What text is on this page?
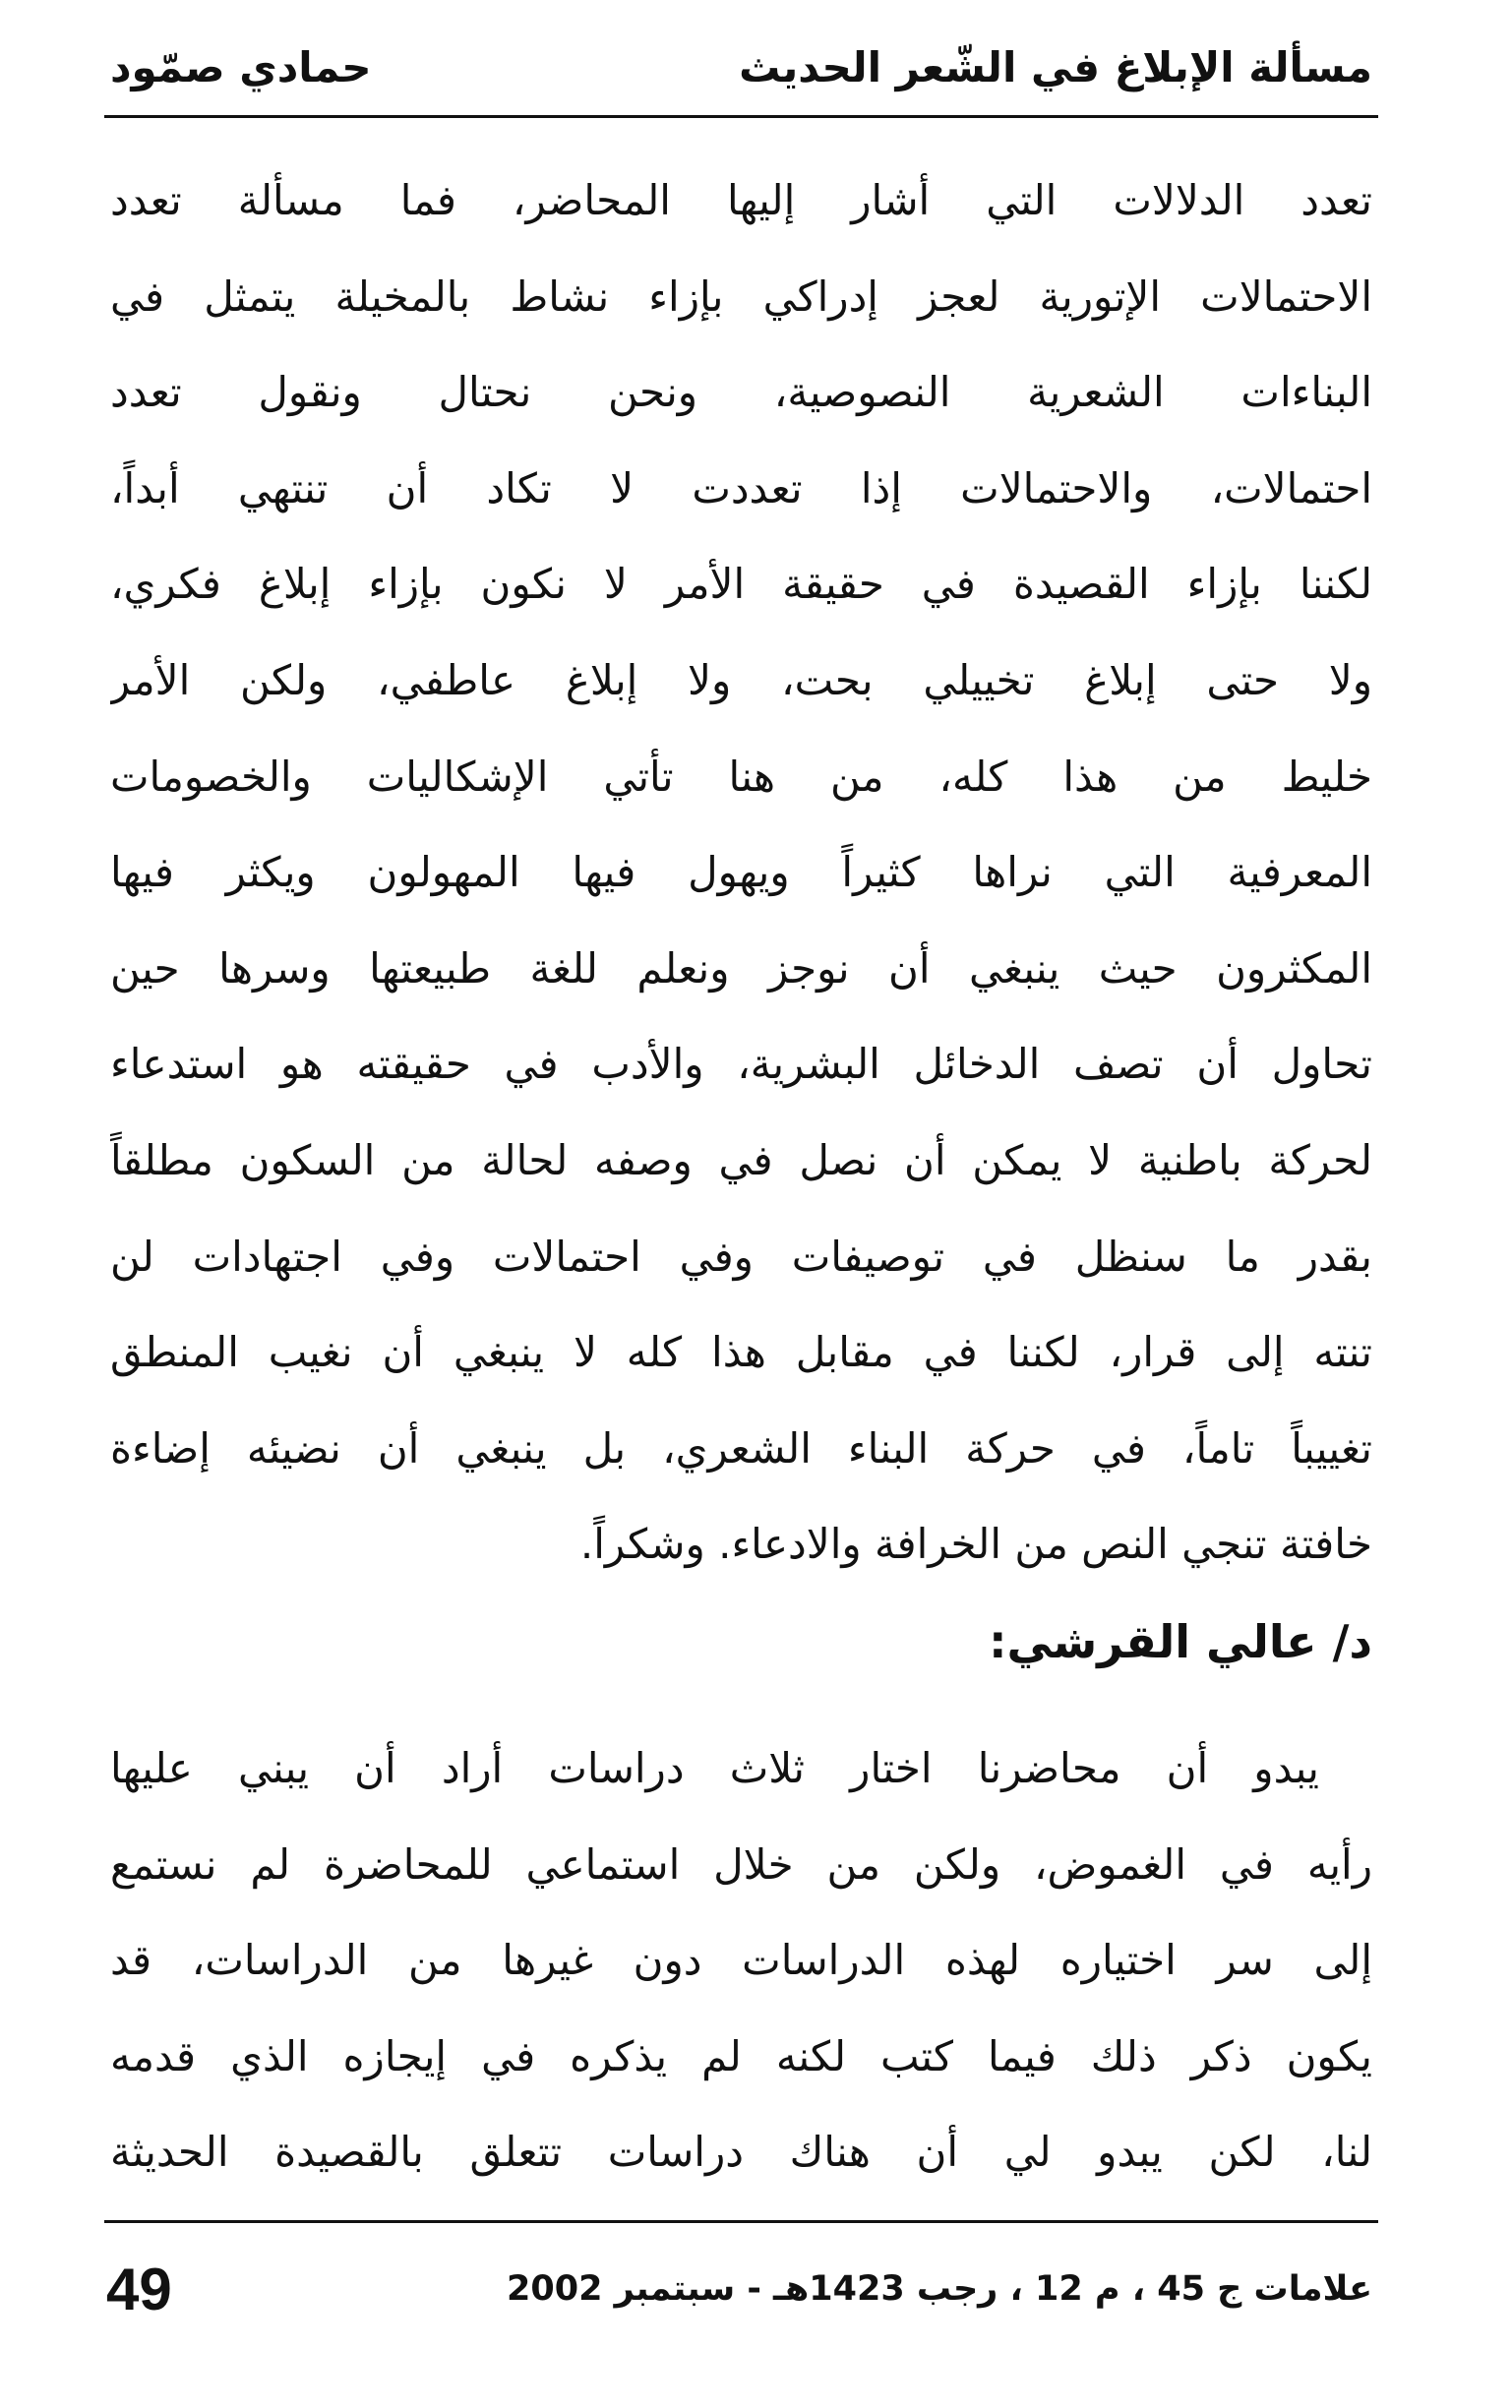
مسألة الإبلاغ في الشّعر الحديث
حمادي صمّود
تعدد الدلالات التي أشار إليها المحاضر، فما مسألة تعدد
الاحتمالات الإتورية لعجز إدراكي بإزاء نشاط بالمخيلة يتمثل في
البناءات الشعرية النصوصية، ونحن نحتال ونقول تعدد
احتمالات، والاحتمالات إذا تعددت لا تكاد أن تنتهي أبداً،
لكننا بإزاء القصيدة في حقيقة الأمر لا نكون بإزاء إبلاغ فكري،
ولا حتى إبلاغ تخييلي بحت، ولا إبلاغ عاطفي، ولكن الأمر
خليط من هذا كله، من هنا تأتي الإشكاليات والخصومات
المعرفية التي نراها كثيراً ويهول فيها المهولون ويكثر فيها
المكثرون حيث ينبغي أن نوجز ونعلم للغة طبيعتها وسرها حين
تحاول أن تصف الدخائل البشرية، والأدب في حقيقته هو استدعاء
لحركة باطنية لا يمكن أن نصل في وصفه لحالة من السكون مطلقاً
بقدر ما سنظل في توصيفات وفي احتمالات وفي اجتهادات لن
تنته إلى قرار، لكننا في مقابل هذا كله لا ينبغي أن نغيب المنطق
تغييباً تاماً، في حركة البناء الشعري، بل ينبغي أن نضيئه إضاءة
خافتة تنجي النص من الخرافة والادعاء. وشكراً.
د/ عالي القرشي:
يبدو أن محاضرنا اختار ثلاث دراسات أراد أن يبني عليها
رأيه في الغموض، ولكن من خلال استماعي للمحاضرة لم نستمع
إلى سر اختياره لهذه الدراسات دون غيرها من الدراسات، قد
يكون ذكر ذلك فيما كتب لكنه لم يذكره في إيجازه الذي قدمه
لنا، لكن يبدو لي أن هناك دراسات تتعلق بالقصيدة الحديثة
علامات ج 45 ، م 12 ، رجب 1423هـ - سبتمبر 2002
49
